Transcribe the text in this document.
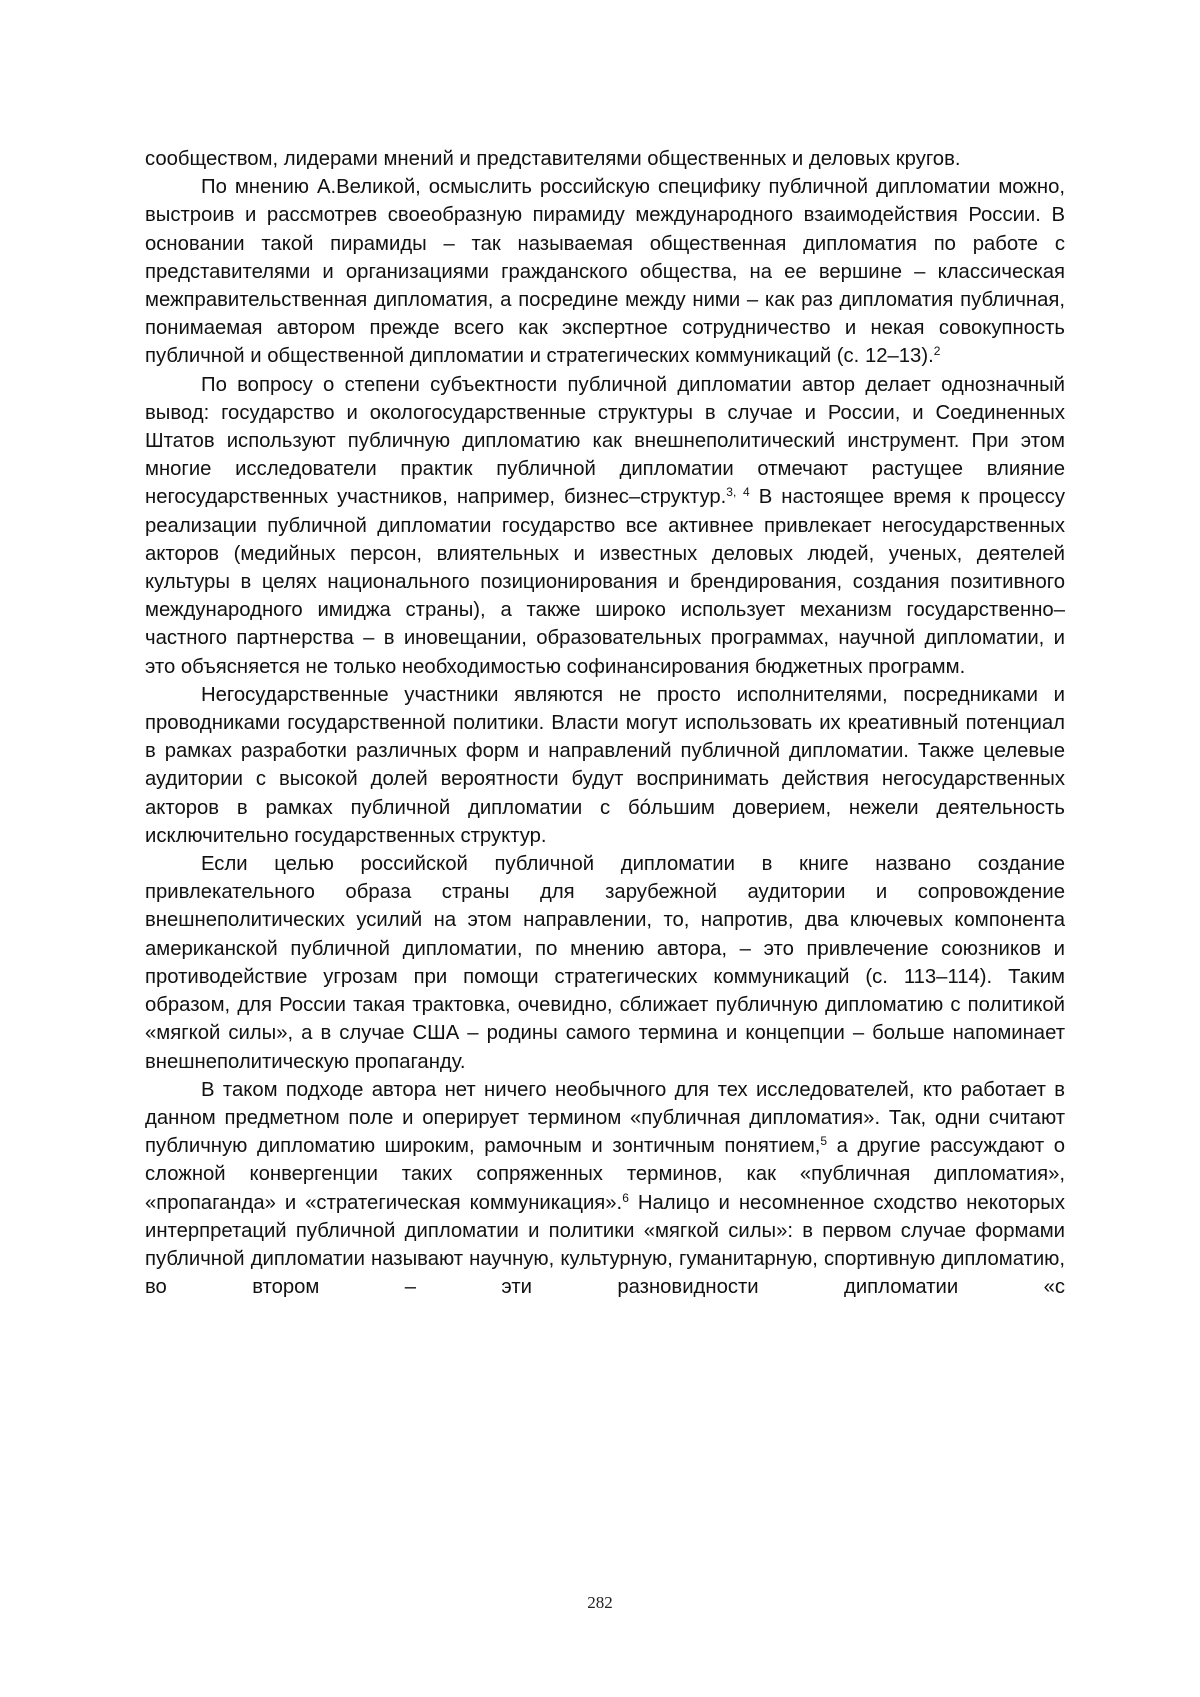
сообществом, лидерами мнений и представителями общественных и деловых кругов.

По мнению А.Великой, осмыслить российскую специфику публичной дипломатии можно, выстроив и рассмотрев своеобразную пирамиду международного взаимодействия России. В основании такой пирамиды – так называемая общественная дипломатия по работе с представителями и организациями гражданского общества, на ее вершине – классическая межправительственная дипломатия, а посредине между ними – как раз дипломатия публичная, понимаемая автором прежде всего как экспертное сотрудничество и некая совокупность публичной и общественной дипломатии и стратегических коммуникаций (с. 12–13).$^2$

По вопросу о степени субъектности публичной дипломатии автор делает однозначный вывод: государство и окологосударственные структуры в случае и России, и Соединенных Штатов используют публичную дипломатию как внешнеполитический инструмент. При этом многие исследователи практик публичной дипломатии отмечают растущее влияние негосударственных участников, например, бизнес–структур.$^{3, 4}$ В настоящее время к процессу реализации публичной дипломатии государство все активнее привлекает негосударственных акторов (медийных персон, влиятельных и известных деловых людей, ученых, деятелей культуры в целях национального позиционирования и брендирования, создания позитивного международного имиджа страны), а также широко использует механизм государственно–частного партнерства – в иновещании, образовательных программах, научной дипломатии, и это объясняется не только необходимостью софинансирования бюджетных программ.

Негосударственные участники являются не просто исполнителями, посредниками и проводниками государственной политики. Власти могут использовать их креативный потенциал в рамках разработки различных форм и направлений публичной дипломатии. Также целевые аудитории с высокой долей вероятности будут воспринимать действия негосударственных акторов в рамках публичной дипломатии с бóльшим доверием, нежели деятельность исключительно государственных структур.

Если целью российской публичной дипломатии в книге названо создание привлекательного образа страны для зарубежной аудитории и сопровождение внешнеполитических усилий на этом направлении, то, напротив, два ключевых компонента американской публичной дипломатии, по мнению автора, – это привлечение союзников и противодействие угрозам при помощи стратегических коммуникаций (с. 113–114). Таким образом, для России такая трактовка, очевидно, сближает публичную дипломатию с политикой «мягкой силы», а в случае США – родины самого термина и концепции – больше напоминает внешнеполитическую пропаганду.

В таком подходе автора нет ничего необычного для тех исследователей, кто работает в данном предметном поле и оперирует термином «публичная дипломатия». Так, одни считают публичную дипломатию широким, рамочным и зонтичным понятием,$^5$ а другие рассуждают о сложной конвергенции таких сопряженных терминов, как «публичная дипломатия», «пропаганда» и «стратегическая коммуникация».$^6$ Налицо и несомненное сходство некоторых интерпретаций публичной дипломатии и политики «мягкой силы»: в первом случае формами публичной дипломатии называют научную, культурную, гуманитарную, спортивную дипломатию, во втором – эти разновидности дипломатии «с

282
